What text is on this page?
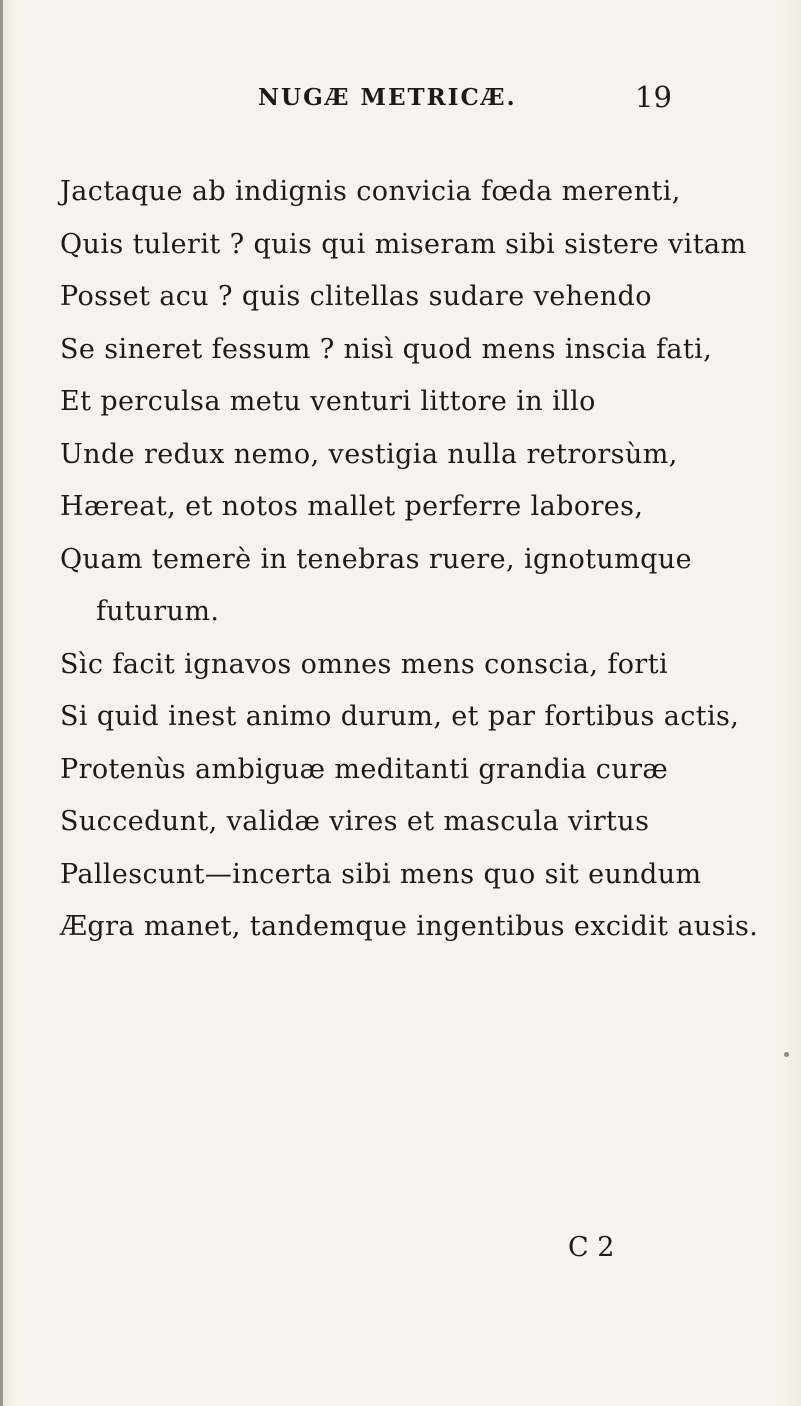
NUGÆ METRICÆ.	19
Jactaque ab indignis convicia fœda merenti,
Quis tulerit ? quis qui miseram sibi sistere vitam
Posset acu ? quis clitellas sudare vehendo
Se sineret fessum ? nisì quod mens inscia fati,
Et perculsa metu venturi littore in illo
Unde redux nemo, vestigia nulla retrorsùm,
Hæreat, et notos mallet perferre labores,
Quam temerè in tenebras ruere, ignotumque
futurum.
Sìc facit ignavos omnes mens conscia, forti
Si quid inest animo durum, et par fortibus actis,
Protenùs ambiguæ meditanti grandia curæ
Succedunt, validæ vires et mascula virtus
Pallescunt—incerta sibi mens quo sit eundum
Ægra manet, tandemque ingentibus excidit ausis.
C 2
